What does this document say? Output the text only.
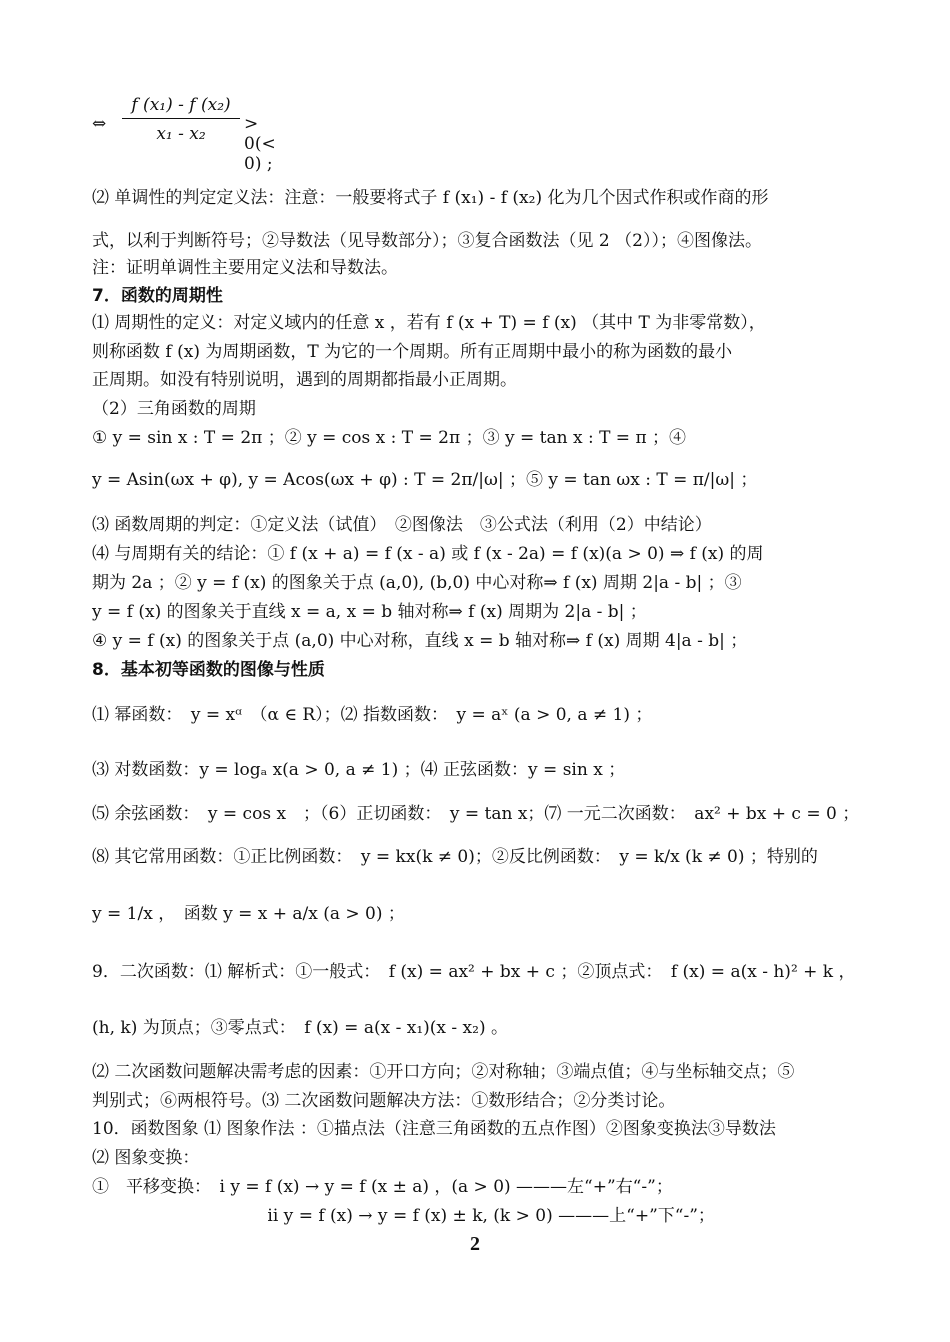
⇔
f (x₁) - f (x₂)
x₁ - x₂	> 0(< 0) ;
⑵ 单调性的判定定义法：注意：一般要将式子 f (x₁) - f (x₂) 化为几个因式作积或作商的形
式，以利于判断符号；②导数法（见导数部分）；③复合函数法（见 2 （2））；④图像法。
注：证明单调性主要用定义法和导数法。
7．函数的周期性
⑴ 周期性的定义：对定义域内的任意 x ，若有 f (x + T) = f (x) （其中 T 为非零常数），
则称函数 f (x) 为周期函数，T 为它的一个周期。所有正周期中最小的称为函数的最小
正周期。如没有特别说明，遇到的周期都指最小正周期。
（2）三角函数的周期
① y = sin x : T = 2π ；② y = cos x : T = 2π ；③ y = tan x : T = π ；④
y = Asin(ωx + φ), y = Acos(ωx + φ) : T = 2π/|ω| ；⑤ y = tan ωx : T = π/|ω| ；
⑶ 函数周期的判定：①定义法（试值）　②图像法　③公式法（利用（2）中结论）
⑷ 与周期有关的结论：① f (x + a) = f (x - a) 或 f (x - 2a) = f (x)(a > 0) ⇒ f (x) 的周
期为 2a ；② y = f (x) 的图象关于点 (a,0), (b,0) 中心对称⇒ f (x) 周期 2|a - b| ；③
y = f (x) 的图象关于直线 x = a, x = b 轴对称⇒ f (x) 周期为 2|a - b| ；
④ y = f (x) 的图象关于点 (a,0) 中心对称，直线 x = b 轴对称⇒ f (x) 周期 4|a - b| ；
8．基本初等函数的图像与性质
⑴ 幂函数：　y = xᵅ　（α ∈ R）；⑵ 指数函数：　y = aˣ (a > 0, a ≠ 1) ；
⑶ 对数函数：y = logₐ x(a > 0, a ≠ 1) ；⑷ 正弦函数：y = sin x ；
⑸ 余弦函数：　y = cos x　；（6）正切函数：　y = tan x；⑺ 一元二次函数：　ax² + bx + c = 0 ；
⑻ 其它常用函数：①正比例函数：　y = kx(k ≠ 0)；②反比例函数：　y = k/x (k ≠ 0) ；特别的
y = 1/x ，　函数 y = x + a/x (a > 0) ；
9．二次函数：⑴ 解析式：①一般式：　f (x) = ax² + bx + c ；②顶点式：　f (x) = a(x - h)² + k ，
(h, k) 为顶点；③零点式：　f (x) = a(x - x₁)(x - x₂) 。
⑵ 二次函数问题解决需考虑的因素：①开口方向；②对称轴；③端点值；④与坐标轴交点；⑤
判别式；⑥两根符号。⑶ 二次函数问题解决方法：①数形结合；②分类讨论。
10．函数图象 ⑴ 图象作法 ：①描点法（注意三角函数的五点作图）②图象变换法③导数法
⑵ 图象变换：
①　平移变换：　i y = f (x) → y = f (x ± a) ，(a > 0) ———左“+”右“-”；
　　　　　　　　　　 ii y = f (x) → y = f (x) ± k, (k > 0) ———上“+”下“-”；
2
